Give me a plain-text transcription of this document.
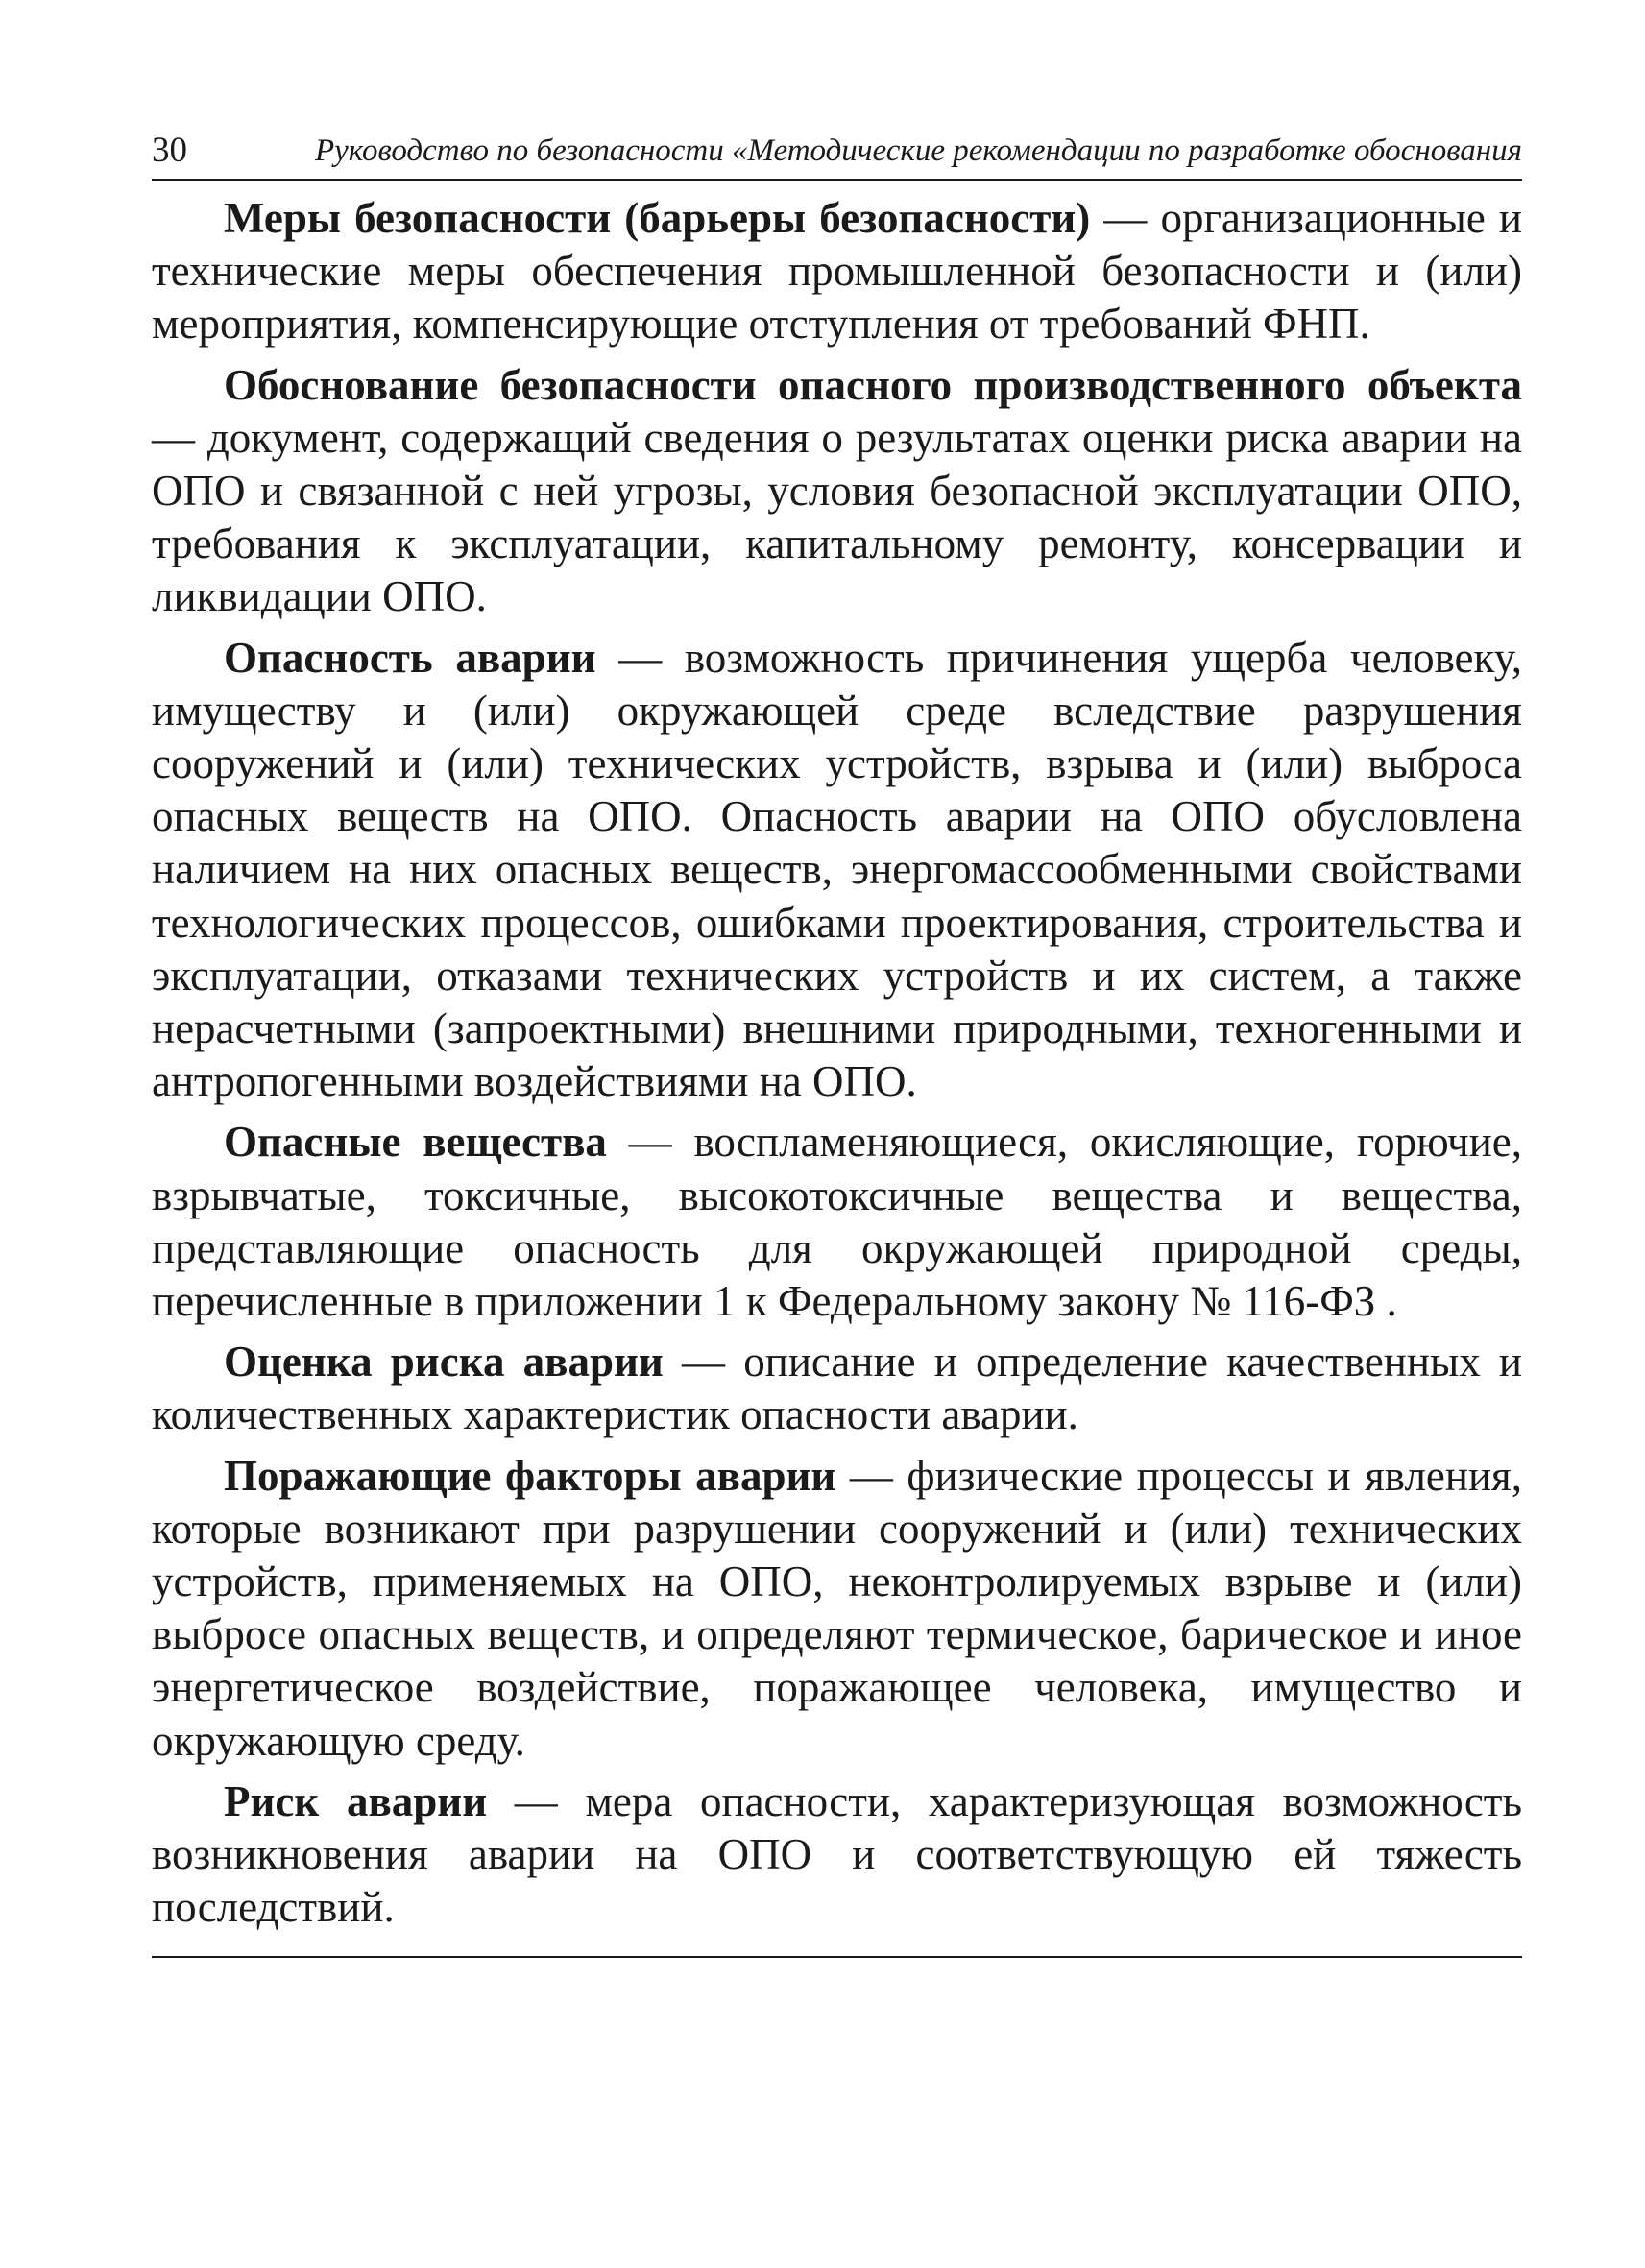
30	Руководство по безопасности «Методические рекомендации по разработке обоснования

Меры безопасности (барьеры безопасности) — организационные и технические меры обеспечения промышленной безопасности и (или) мероприятия, компенсирующие отступления от требований ФНП.

Обоснование безопасности опасного производственного объекта — документ, содержащий сведения о результатах оценки риска аварии на ОПО и связанной с ней угрозы, условия безопасной эксплуатации ОПО, требования к эксплуатации, капитальному ремонту, консервации и ликвидации ОПО.

Опасность аварии — возможность причинения ущерба человеку, имуществу и (или) окружающей среде вследствие разрушения сооружений и (или) технических устройств, взрыва и (или) выброса опасных веществ на ОПО. Опасность аварии на ОПО обусловлена наличием на них опасных веществ, энергомассообменными свойствами технологических процессов, ошибками проектирования, строительства и эксплуатации, отказами технических устройств и их систем, а также нерасчетными (запроектными) внешними природными, техногенными и антропогенными воздействиями на ОПО.

Опасные вещества — воспламеняющиеся, окисляющие, горючие, взрывчатые, токсичные, высокотоксичные вещества и вещества, представляющие опасность для окружающей природной среды, перечисленные в приложении 1 к Федеральному закону № 116-ФЗ .

Оценка риска аварии — описание и определение качественных и количественных характеристик опасности аварии.

Поражающие факторы аварии — физические процессы и явления, которые возникают при разрушении сооружений и (или) технических устройств, применяемых на ОПО, неконтролируемых взрыве и (или) выбросе опасных веществ, и определяют термическое, барическое и иное энергетическое воздействие, поражающее человека, имущество и окружающую среду.

Риск аварии — мера опасности, характеризующая возможность возникновения аварии на ОПО и соответствующую ей тяжесть последствий.
